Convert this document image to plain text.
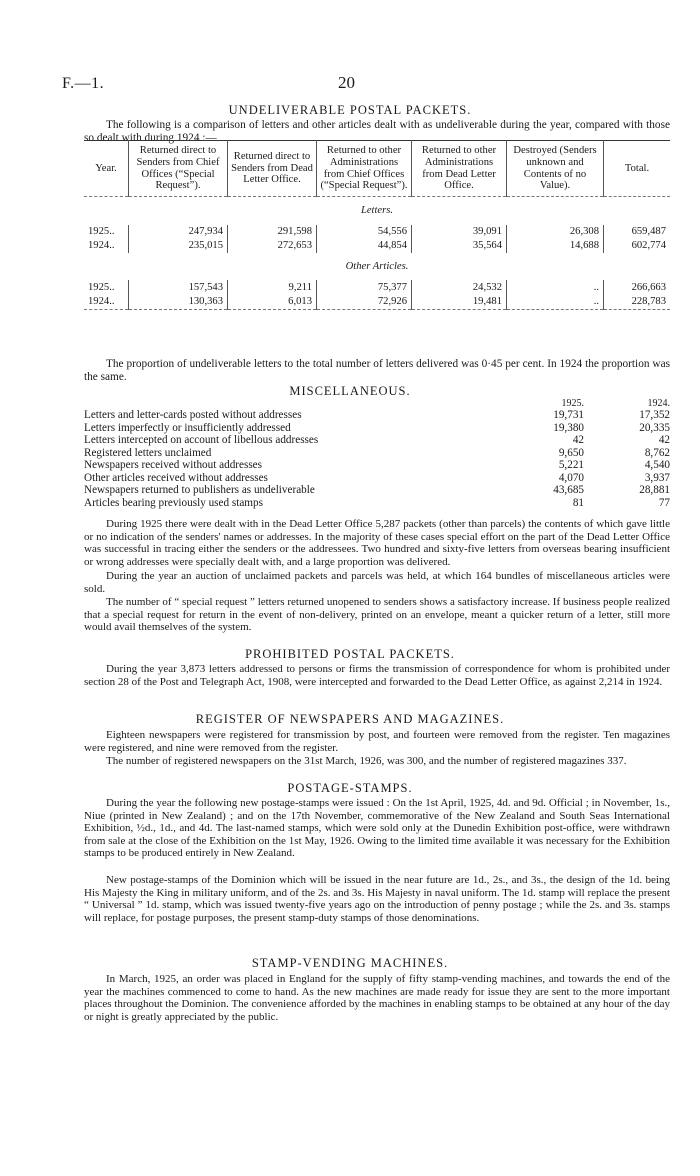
F.—1.	20
UNDELIVERABLE POSTAL PACKETS.
The following is a comparison of letters and other articles dealt with as undeliverable during the year, compared with those so dealt with during 1924 :—
Year.	Returned direct to Senders from Chief Offices (“Special Request”).	Returned direct to Senders from Dead Letter Office.	Returned to other Administrations from Chief Offices (“Special Request”).	Returned to other Administrations from Dead Letter Office.	Destroyed (Senders unknown and Contents of no Value).	Total.
Letters.						
1925..	247,934	291,598	54,556	39,091	26,308	659,487
1924..	235,015	272,653	44,854	35,564	14,688	602,774
Other Articles.						
1925..	157,543	9,211	75,377	24,532	..	266,663
1924..	130,363	6,013	72,926	19,481	..	228,783
The proportion of undeliverable letters to the total number of letters delivered was 0·45 per cent. In 1924 the proportion was the same.
MISCELLANEOUS.
	1925.	1924.
Letters and letter-cards posted without addresses	19,731	17,352
Letters imperfectly or insufficiently addressed	19,380	20,335
Letters intercepted on account of libellous addresses	42	42
Registered letters unclaimed	9,650	8,762
Newspapers received without addresses	5,221	4,540
Other articles received without addresses	4,070	3,937
Newspapers returned to publishers as undeliverable	43,685	28,881
Articles bearing previously used stamps	81	77
During 1925 there were dealt with in the Dead Letter Office 5,287 packets (other than parcels) the contents of which gave little or no indication of the senders' names or addresses. In the majority of these cases special effort on the part of the Dead Letter Office was successful in tracing either the senders or the addressees. Two hundred and sixty-five letters from overseas bearing insufficient or wrong addresses were specially dealt with, and a large proportion was delivered.
During the year an auction of unclaimed packets and parcels was held, at which 164 bundles of miscellaneous articles were sold.
The number of “ special request ” letters returned unopened to senders shows a satisfactory increase. If business people realized that a special request for return in the event of non-delivery, printed on an envelope, meant a quicker return of a letter, still more would avail themselves of the system.
PROHIBITED POSTAL PACKETS.
During the year 3,873 letters addressed to persons or firms the transmission of correspondence for whom is prohibited under section 28 of the Post and Telegraph Act, 1908, were intercepted and forwarded to the Dead Letter Office, as against 2,214 in 1924.
REGISTER OF NEWSPAPERS AND MAGAZINES.
Eighteen newspapers were registered for transmission by post, and fourteen were removed from the register. Ten magazines were registered, and nine were removed from the register.
The number of registered newspapers on the 31st March, 1926, was 300, and the number of registered magazines 337.
POSTAGE-STAMPS.
During the year the following new postage-stamps were issued : On the 1st April, 1925, 4d. and 9d. Official ; in November, 1s., Niue (printed in New Zealand) ; and on the 17th November, commemorative of the New Zealand and South Seas International Exhibition, ½d., 1d., and 4d. The last-named stamps, which were sold only at the Dunedin Exhibition post-office, were withdrawn from sale at the close of the Exhibition on the 1st May, 1926. Owing to the limited time available it was necessary for the Exhibition stamps to be produced entirely in New Zealand.
New postage-stamps of the Dominion which will be issued in the near future are 1d., 2s., and 3s., the design of the 1d. being His Majesty the King in military uniform, and of the 2s. and 3s. His Majesty in naval uniform. The 1d. stamp will replace the present “ Universal ” 1d. stamp, which was issued twenty-five years ago on the introduction of penny postage ; while the 2s. and 3s. stamps will replace, for postage purposes, the present stamp-duty stamps of those denominations.
STAMP-VENDING MACHINES.
In March, 1925, an order was placed in England for the supply of fifty stamp-vending machines, and towards the end of the year the machines commenced to come to hand. As the new machines are made ready for issue they are sent to the more important places throughout the Dominion. The convenience afforded by the machines in enabling stamps to be obtained at any hour of the day or night is greatly appreciated by the public.
